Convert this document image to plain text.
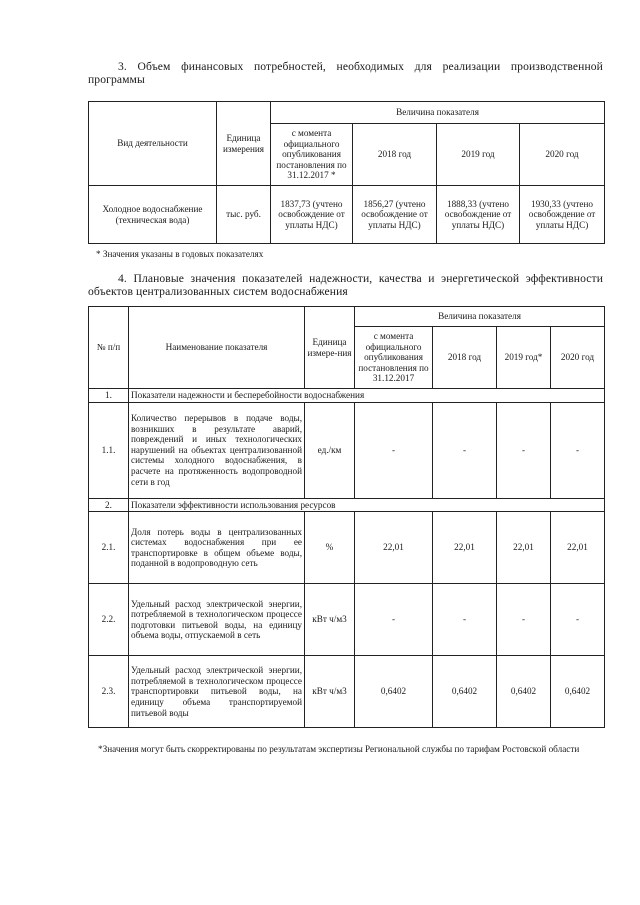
3. Объем финансовых потребностей, необходимых для реализации производственной программы
Вид деятельности	Единица измерения	Величина показателя			
		с момента официального опубликования постановления по 31.12.2017 *	2018 год	2019 год	2020 год
Холодное водоснабжение (техническая вода)	тыс. руб.	1837,73 (учтено освобождение от уплаты НДС)	1856,27 (учтено освобождение от уплаты НДС)	1888,33 (учтено освобождение от уплаты НДС)	1930,33 (учтено освобождение от уплаты НДС)
* Значения указаны в годовых показателях
4. Плановые значения показателей надежности, качества и энергетической эффективности объектов централизованных систем водоснабжения
№ п/п	Наименование показателя	Единица измере-ния	Величина показателя			
			с момента официального опубликования постановления по 31.12.2017	2018 год	2019 год*	2020 год
1.	Показатели надежности и бесперебойности водоснабжения					
1.1.	Количество перерывов в подаче воды, возникших в результате аварий, повреждений и иных технологических нарушений на объектах централизованной системы холодного водоснабжения, в расчете на протяженность водопроводной сети в год	ед./км	-	-	-	-
2.	Показатели эффективности использования ресурсов					
2.1.	Доля потерь воды в централизованных системах водоснабжения при ее транспортировке в общем объеме воды, поданной в водопроводную сеть	%	22,01	22,01	22,01	22,01
2.2.	Удельный расход электрической энергии, потребляемой в технологическом процессе подготовки питьевой воды, на единицу объема воды, отпускаемой в сеть	кВт ч/м3	-	-	-	-
2.3.	Удельный расход электрической энергии, потребляемой в технологическом процессе транспортировки питьевой воды, на единицу объема транспортируемой питьевой воды	кВт ч/м3	0,6402	0,6402	0,6402	0,6402
*Значения могут быть скорректированы по результатам экспертизы Региональной службы по тарифам Ростовской области
